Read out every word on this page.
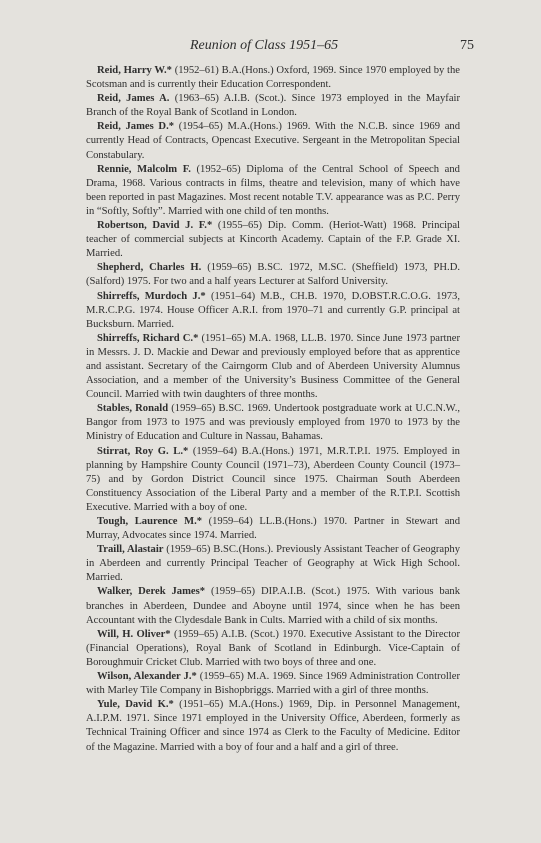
Reunion of Class 1951–65	75

Reid, Harry W.* (1952–61) B.A.(Hons.) Oxford, 1969. Since 1970 employed by the Scotsman and is currently their Education Correspondent.

Reid, James A. (1963–65) A.I.B. (Scot.). Since 1973 employed in the Mayfair Branch of the Royal Bank of Scotland in London.

Reid, James D.* (1954–65) M.A.(Hons.) 1969. With the N.C.B. since 1969 and currently Head of Contracts, Opencast Executive. Sergeant in the Metropolitan Special Constabulary.

Rennie, Malcolm F. (1952–65) Diploma of the Central School of Speech and Drama, 1968. Various contracts in films, theatre and television, many of which have been reported in past Magazines. Most recent notable T.V. appearance was as P.C. Perry in “Softly, Softly”. Married with one child of ten months.

Robertson, David J. F.* (1955–65) Dip. Comm. (Heriot-Watt) 1968. Principal teacher of commercial subjects at Kincorth Academy. Captain of the F.P. Grade XI. Married.

Shepherd, Charles H. (1959–65) B.SC. 1972, M.SC. (Sheffield) 1973, PH.D. (Salford) 1975. For two and a half years Lecturer at Salford University.

Shirreffs, Murdoch J.* (1951–64) M.B., CH.B. 1970, D.OBST.R.C.O.G. 1973, M.R.C.P.G. 1974. House Officer A.R.I. from 1970–71 and currently G.P. principal at Bucksburn. Married.

Shirreffs, Richard C.* (1951–65) M.A. 1968, LL.B. 1970. Since June 1973 partner in Messrs. J. D. Mackie and Dewar and previously employed before that as apprentice and assistant. Secretary of the Cairngorm Club and of Aberdeen University Alumnus Association, and a member of the University’s Business Committee of the General Council. Married with twin daughters of three months.

Stables, Ronald (1959–65) B.SC. 1969. Undertook postgraduate work at U.C.N.W., Bangor from 1973 to 1975 and was previously employed from 1970 to 1973 by the Ministry of Education and Culture in Nassau, Bahamas.

Stirrat, Roy G. L.* (1959–64) B.A.(Hons.) 1971, M.R.T.P.I. 1975. Employed in planning by Hampshire County Council (1971–73), Aberdeen County Council (1973–75) and by Gordon District Council since 1975. Chairman South Aberdeen Constituency Association of the Liberal Party and a member of the R.T.P.I. Scottish Executive. Married with a boy of one.

Tough, Laurence M.* (1959–64) LL.B.(Hons.) 1970. Partner in Stewart and Murray, Advocates since 1974. Married.

Traill, Alastair (1959–65) B.SC.(Hons.). Previously Assistant Teacher of Geography in Aberdeen and currently Principal Teacher of Geography at Wick High School. Married.

Walker, Derek James* (1959–65) DIP.A.I.B. (Scot.) 1975. With various bank branches in Aberdeen, Dundee and Aboyne until 1974, since when he has been Accountant with the Clydesdale Bank in Cults. Married with a child of six months.

Will, H. Oliver* (1959–65) A.I.B. (Scot.) 1970. Executive Assistant to the Director (Financial Operations), Royal Bank of Scotland in Edinburgh. Vice-Captain of Boroughmuir Cricket Club. Married with two boys of three and one.

Wilson, Alexander J.* (1959–65) M.A. 1969. Since 1969 Administration Controller with Marley Tile Company in Bishopbriggs. Married with a girl of three months.

Yule, David K.* (1951–65) M.A.(Hons.) 1969, Dip. in Personnel Management, A.I.P.M. 1971. Since 1971 employed in the University Office, Aberdeen, formerly as Technical Training Officer and since 1974 as Clerk to the Faculty of Medicine. Editor of the Magazine. Married with a boy of four and a half and a girl of three.
